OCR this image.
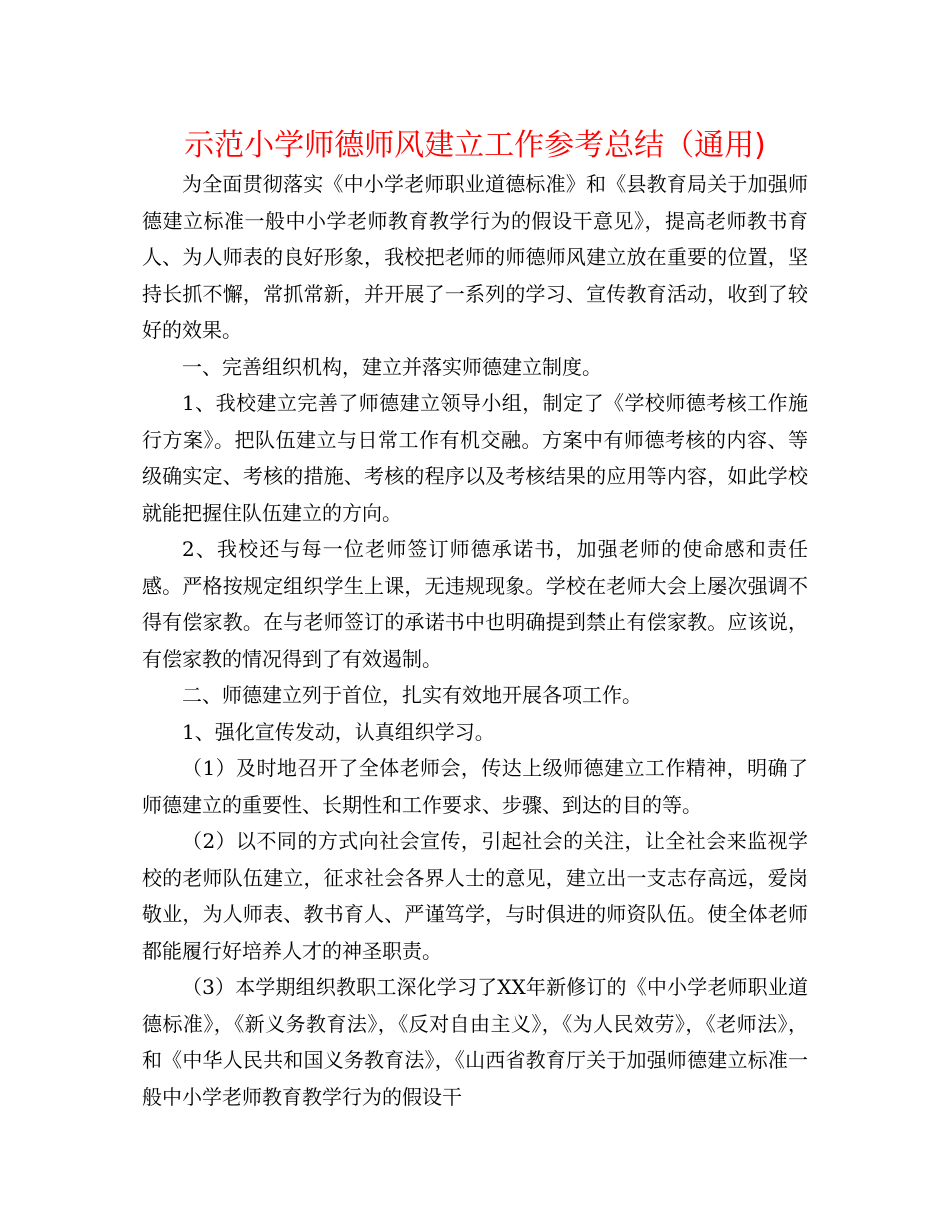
示范小学师德师风建立工作参考总结（通用)

为全面贯彻落实《中小学老师职业道德标准》和《县教育局关于加强师德建立标准一般中小学老师教育教学行为的假设干意见》，提高老师教书育人、为人师表的良好形象，我校把老师的师德师风建立放在重要的位置，坚持长抓不懈，常抓常新，并开展了一系列的学习、宣传教育活动，收到了较好的效果。

一、完善组织机构，建立并落实师德建立制度。

1、我校建立完善了师德建立领导小组，制定了《学校师德考核工作施行方案》。把队伍建立与日常工作有机交融。方案中有师德考核的内容、等级确实定、考核的措施、考核的程序以及考核结果的应用等内容，如此学校就能把握住队伍建立的方向。

2、我校还与每一位老师签订师德承诺书，加强老师的使命感和责任感。严格按规定组织学生上课，无违规现象。学校在老师大会上屡次强调不得有偿家教。在与老师签订的承诺书中也明确提到禁止有偿家教。应该说，有偿家教的情况得到了有效遏制。

二、师德建立列于首位，扎实有效地开展各项工作。

1、强化宣传发动，认真组织学习。

（1）及时地召开了全体老师会，传达上级师德建立工作精神，明确了师德建立的重要性、长期性和工作要求、步骤、到达的目的等。

（2）以不同的方式向社会宣传，引起社会的关注，让全社会来监视学校的老师队伍建立，征求社会各界人士的意见，建立出一支志存高远，爱岗敬业，为人师表、教书育人、严谨笃学，与时俱进的师资队伍。使全体老师都能履行好培养人才的神圣职责。

（3）本学期组织教职工深化学习了XX年新修订的《中小学老师职业道德标准》，《新义务教育法》，《反对自由主义》，《为人民效劳》，《老师法》，和《中华人民共和国义务教育法》，《山西省教育厅关于加强师德建立标准一般中小学老师教育教学行为的假设干
